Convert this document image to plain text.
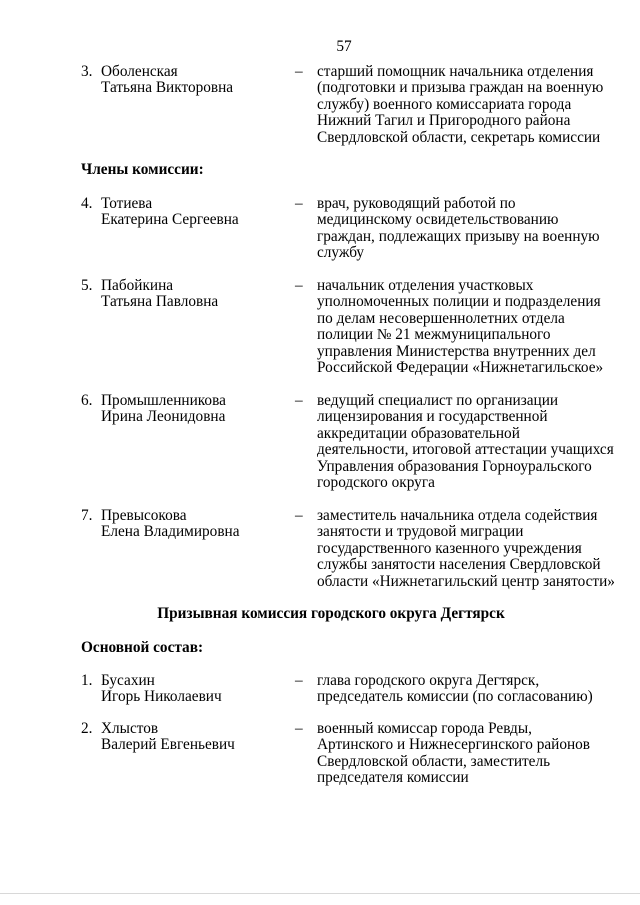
57
3. Оболенская
Татьяна Викторовна
– старший помощник начальника отделения
(подготовки и призыва граждан на военную
службу) военного комиссариата города
Нижний Тагил и Пригородного района
Свердловской области, секретарь комиссии
Члены комиссии:
4. Тотиева
Екатерина Сергеевна
– врач, руководящий работой по
медицинскому освидетельствованию
граждан, подлежащих призыву на военную
службу
5. Пабойкина
Татьяна Павловна
– начальник отделения участковых
уполномоченных полиции и подразделения
по делам несовершеннолетних отдела
полиции № 21 межмуниципального
управления Министерства внутренних дел
Российской Федерации «Нижнетагильское»
6. Промышленникова
Ирина Леонидовна
– ведущий специалист по организации
лицензирования и государственной
аккредитации образовательной
деятельности, итоговой аттестации учащихся
Управления образования Горноуральского
городского округа
7. Превысокова
Елена Владимировна
– заместитель начальника отдела содействия
занятости и трудовой миграции
государственного казенного учреждения
службы занятости населения Свердловской
области «Нижнетагильский центр занятости»
Призывная комиссия городского округа Дегтярск
Основной состав:
1. Бусахин
Игорь Николаевич
– глава городского округа Дегтярск,
председатель комиссии (по согласованию)
2. Хлыстов
Валерий Евгеньевич
– военный комиссар города Ревды,
Артинского и Нижнесергинского районов
Свердловской области, заместитель
председателя комиссии
